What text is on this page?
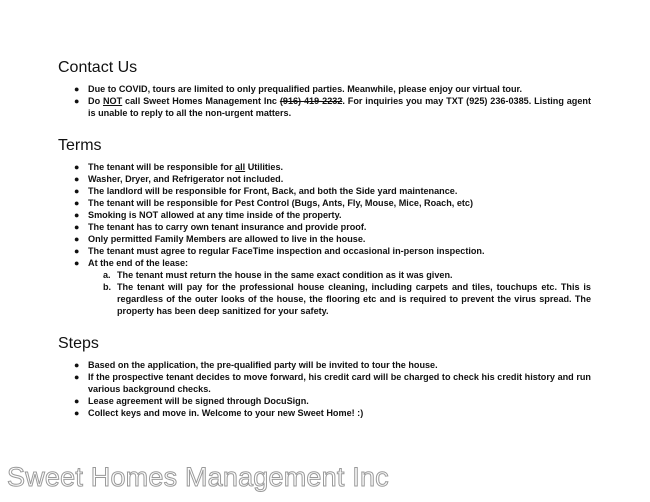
Contact Us
● Due to COVID, tours are limited to only prequalified parties. Meanwhile, please enjoy our virtual tour.
● Do NOT call Sweet Homes Management Inc (916) 419-2232. For inquiries you may TXT (925) 236-0385. Listing agent is unable to reply to all the non-urgent matters.
Terms
● The tenant will be responsible for all Utilities.
● Washer, Dryer, and Refrigerator not included.
● The landlord will be responsible for Front, Back, and both the Side yard maintenance.
● The tenant will be responsible for Pest Control (Bugs, Ants, Fly, Mouse, Mice, Roach, etc)
● Smoking is NOT allowed at any time inside of the property.
● The tenant has to carry own tenant insurance and provide proof.
● Only permitted Family Members are allowed to live in the house.
● The tenant must agree to regular FaceTime inspection and occasional in-person inspection.
● At the end of the lease:
a. The tenant must return the house in the same exact condition as it was given.
b. The tenant will pay for the professional house cleaning, including carpets and tiles, touchups etc. This is regardless of the outer looks of the house, the flooring etc and is required to prevent the virus spread. The property has been deep sanitized for your safety.
Steps
● Based on the application, the pre-qualified party will be invited to tour the house.
● If the prospective tenant decides to move forward, his credit card will be charged to check his credit history and run various background checks.
● Lease agreement will be signed through DocuSign.
● Collect keys and move in. Welcome to your new Sweet Home! :)
Sweet Homes Management Inc
